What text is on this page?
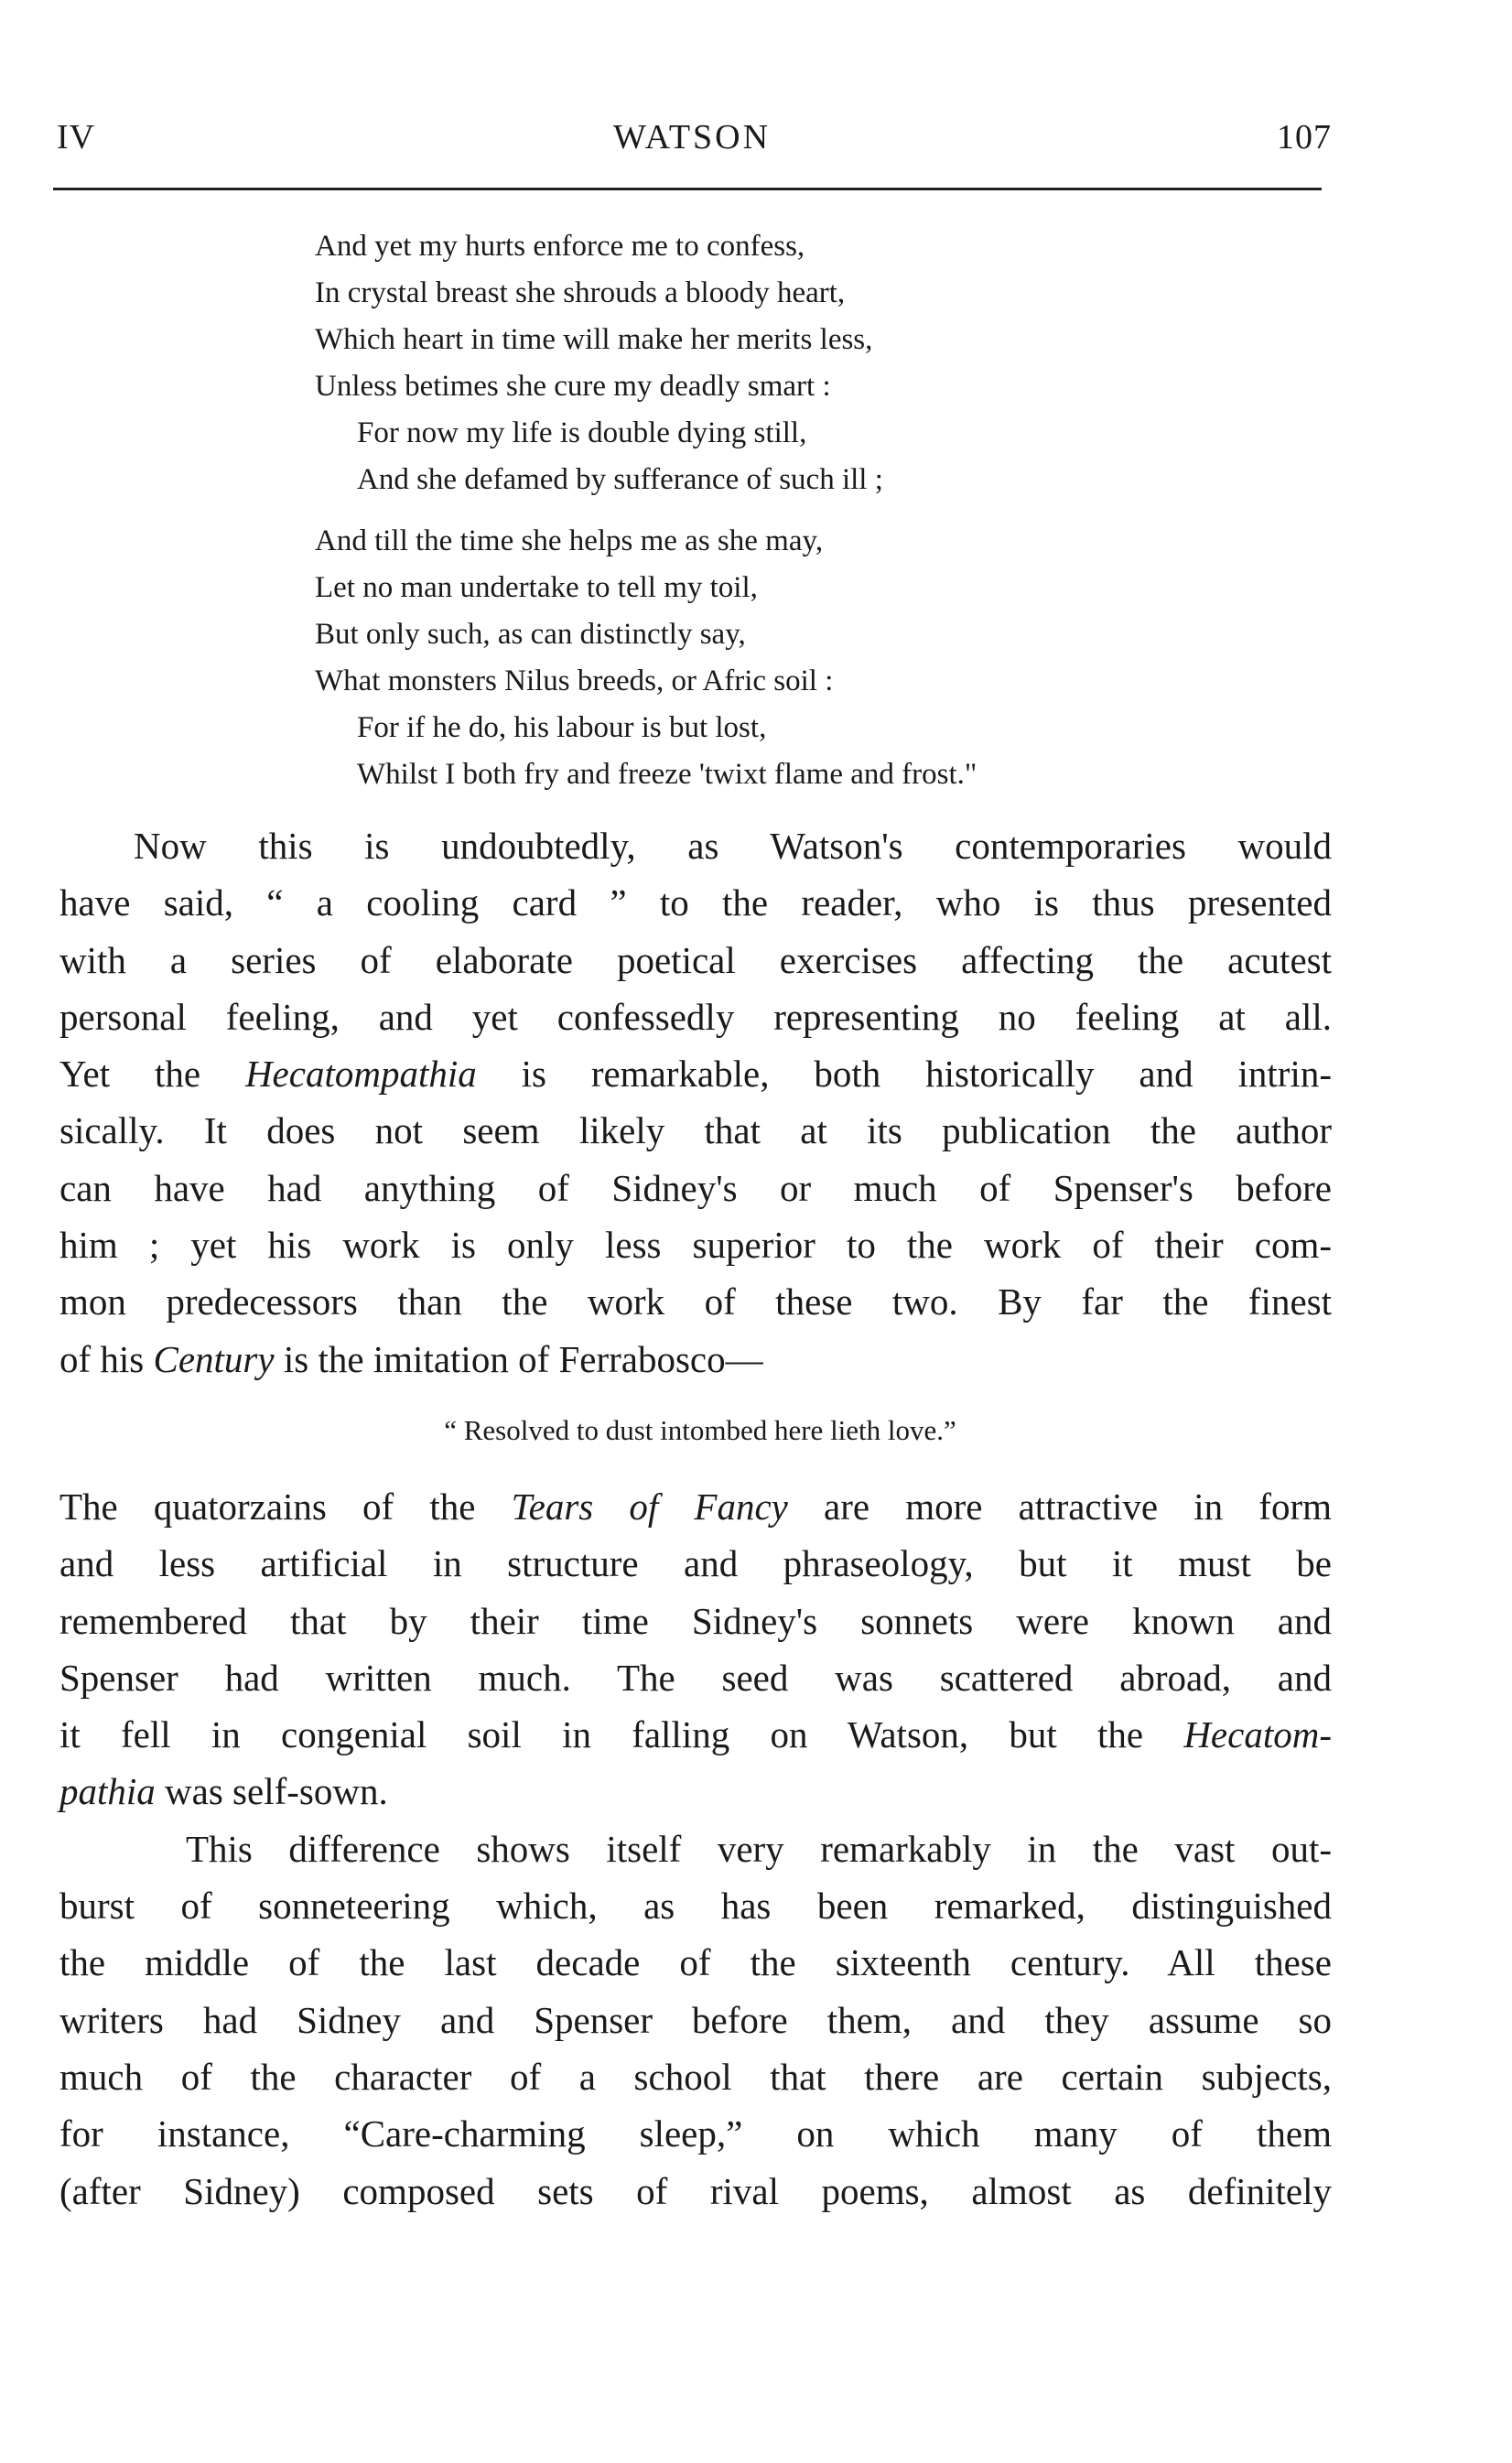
IV	WATSON	107
And yet my hurts enforce me to confess,
In crystal breast she shrouds a bloody heart,
Which heart in time will make her merits less,
Unless betimes she cure my deadly smart :
For now my life is double dying still,
And she defamed by sufferance of such ill ;
And till the time she helps me as she may,
Let no man undertake to tell my toil,
But only such, as can distinctly say,
What monsters Nilus breeds, or Afric soil :
For if he do, his labour is but lost,
Whilst I both fry and freeze 'twixt flame and frost."
Now this is undoubtedly, as Watson's contemporaries would
have said, “ a cooling card ” to the reader, who is thus presented
with a series of elaborate poetical exercises affecting the acutest
personal feeling, and yet confessedly representing no feeling at all.
Yet the Hecatompathia is remarkable, both historically and intrin-
sically. It does not seem likely that at its publication the author
can have had anything of Sidney's or much of Spenser's before
him ; yet his work is only less superior to the work of their com-
mon predecessors than the work of these two. By far the finest
of his Century is the imitation of Ferrabosco—
“ Resolved to dust intombed here lieth love.”
The quatorzains of the Tears of Fancy are more attractive in form
and less artificial in structure and phraseology, but it must be
remembered that by their time Sidney's sonnets were known and
Spenser had written much. The seed was scattered abroad, and
it fell in congenial soil in falling on Watson, but the Hecatom-
pathia was self-sown.
This difference shows itself very remarkably in the vast out-
burst of sonneteering which, as has been remarked, distinguished
the middle of the last decade of the sixteenth century. All these
writers had Sidney and Spenser before them, and they assume so
much of the character of a school that there are certain subjects,
for instance, “Care-charming sleep,” on which many of them
(after Sidney) composed sets of rival poems, almost as definitely
